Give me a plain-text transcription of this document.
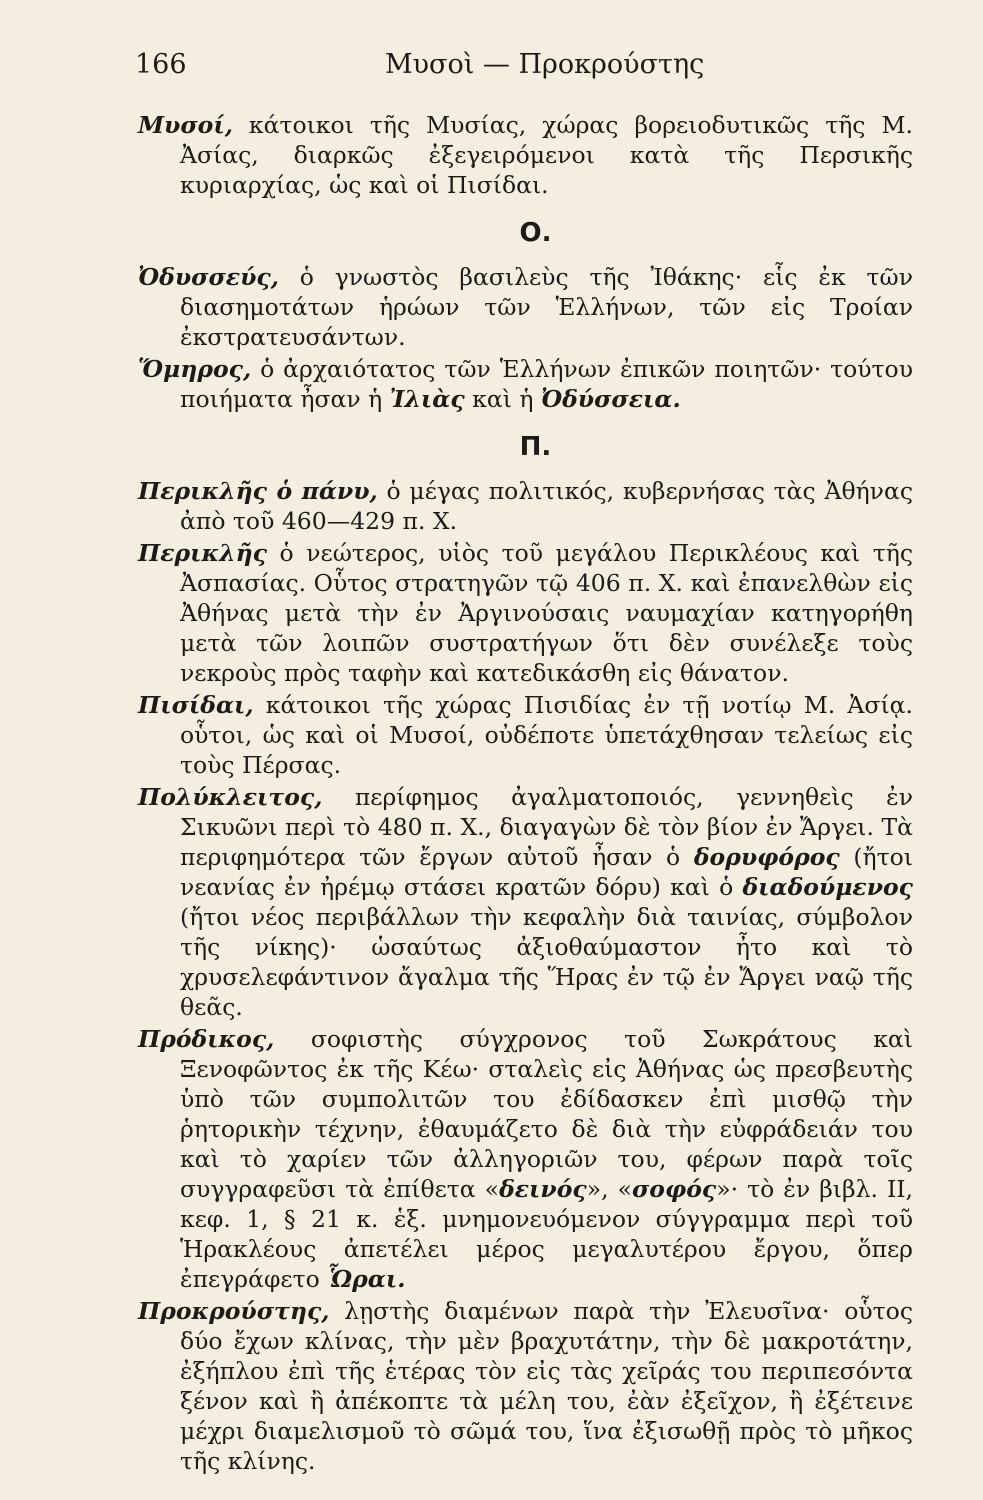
166	Μυσοὶ — Προκρούστης

Μυσοί, κάτοικοι τῆς Μυσίας, χώρας βορειοδυτικῶς τῆς Μ. Ἀσίας, διαρκῶς ἐξεγειρόμενοι κατὰ τῆς Περσικῆς κυριαρχίας, ὡς καὶ οἱ Πισίδαι.

Ο.

Ὀδυσσεύς, ὁ γνωστὸς βασιλεὺς τῆς Ἰθάκης· εἷς ἐκ τῶν διασημοτάτων ἡρώων τῶν Ἑλλήνων, τῶν εἰς Τροίαν ἐκστρατευσάντων.

Ὅμηρος, ὁ ἀρχαιότατος τῶν Ἑλλήνων ἐπικῶν ποιητῶν· τούτου ποιήματα ἦσαν ἡ Ἰλιὰς καὶ ἡ Ὀδύσσεια.

Π.

Περικλῆς ὁ πάνυ, ὁ μέγας πολιτικός, κυβερνήσας τὰς Ἀθήνας ἀπὸ τοῦ 460—429 π. Χ.

Περικλῆς ὁ νεώτερος, υἱὸς τοῦ μεγάλου Περικλέους καὶ τῆς Ἀσπασίας. Οὗτος στρατηγῶν τῷ 406 π. Χ. καὶ ἐπανελθὼν εἰς Ἀθήνας μετὰ τὴν ἐν Ἀργινούσαις ναυμαχίαν κατηγορήθη μετὰ τῶν λοιπῶν συστρατήγων ὅτι δὲν συνέλεξε τοὺς νεκροὺς πρὸς ταφὴν καὶ κατεδικάσθη εἰς θάνατον.

Πισίδαι, κάτοικοι τῆς χώρας Πισιδίας ἐν τῇ νοτίῳ Μ. Ἀσίᾳ. οὗτοι, ὡς καὶ οἱ Μυσοί, οὐδέποτε ὑπετάχθησαν τελείως εἰς τοὺς Πέρσας.

Πολύκλειτος, περίφημος ἀγαλματοποιός, γεννηθεὶς ἐν Σικυῶνι περὶ τὸ 480 π. Χ., διαγαγὼν δὲ τὸν βίον ἐν Ἄργει. Τὰ περιφημότερα τῶν ἔργων αὐτοῦ ἦσαν ὁ δορυφόρος (ἤτοι νεανίας ἐν ἠρέμῳ στάσει κρατῶν δόρυ) καὶ ὁ διαδούμενος (ἤτοι νέος περιβάλλων τὴν κεφαλὴν διὰ ταινίας, σύμβολον τῆς νίκης)· ὡσαύτως ἀξιοθαύμαστον ἦτο καὶ τὸ χρυσελεφάντινον ἄγαλμα τῆς Ἥρας ἐν τῷ ἐν Ἄργει ναῷ τῆς θεᾶς.

Πρόδικος, σοφιστὴς σύγχρονος τοῦ Σωκράτους καὶ Ξενοφῶντος ἐκ τῆς Κέω· σταλεὶς εἰς Ἀθήνας ὡς πρεσβευτὴς ὑπὸ τῶν συμπολιτῶν του ἐδίδασκεν ἐπὶ μισθῷ τὴν ῥητορικὴν τέχνην, ἐθαυμάζετο δὲ διὰ τὴν εὐφράδειάν του καὶ τὸ χαρίεν τῶν ἀλληγοριῶν του, φέρων παρὰ τοῖς συγγραφεῦσι τὰ ἐπίθετα «δεινός», «σοφός»· τὸ ἐν βιβλ. II, κεφ. 1, § 21 κ. ἑξ. μνημονευόμενον σύγγραμμα περὶ τοῦ Ἡρακλέους ἀπετέλει μέρος μεγαλυτέρου ἔργου, ὅπερ ἐπεγράφετο Ὧραι.

Προκρούστης, λῃστὴς διαμένων παρὰ τὴν Ἐλευσῖνα· οὗτος δύο ἔχων κλίνας, τὴν μὲν βραχυτάτην, τὴν δὲ μακροτάτην, ἐξήπλου ἐπὶ τῆς ἑτέρας τὸν εἰς τὰς χεῖράς του περιπεσόντα ξένον καὶ ἢ ἀπέκοπτε τὰ μέλη του, ἐὰν ἐξεῖχον, ἢ ἐξέτεινε μέχρι διαμελισμοῦ τὸ σῶμά του, ἵνα ἐξισωθῇ πρὸς τὸ μῆκος τῆς κλίνης.
